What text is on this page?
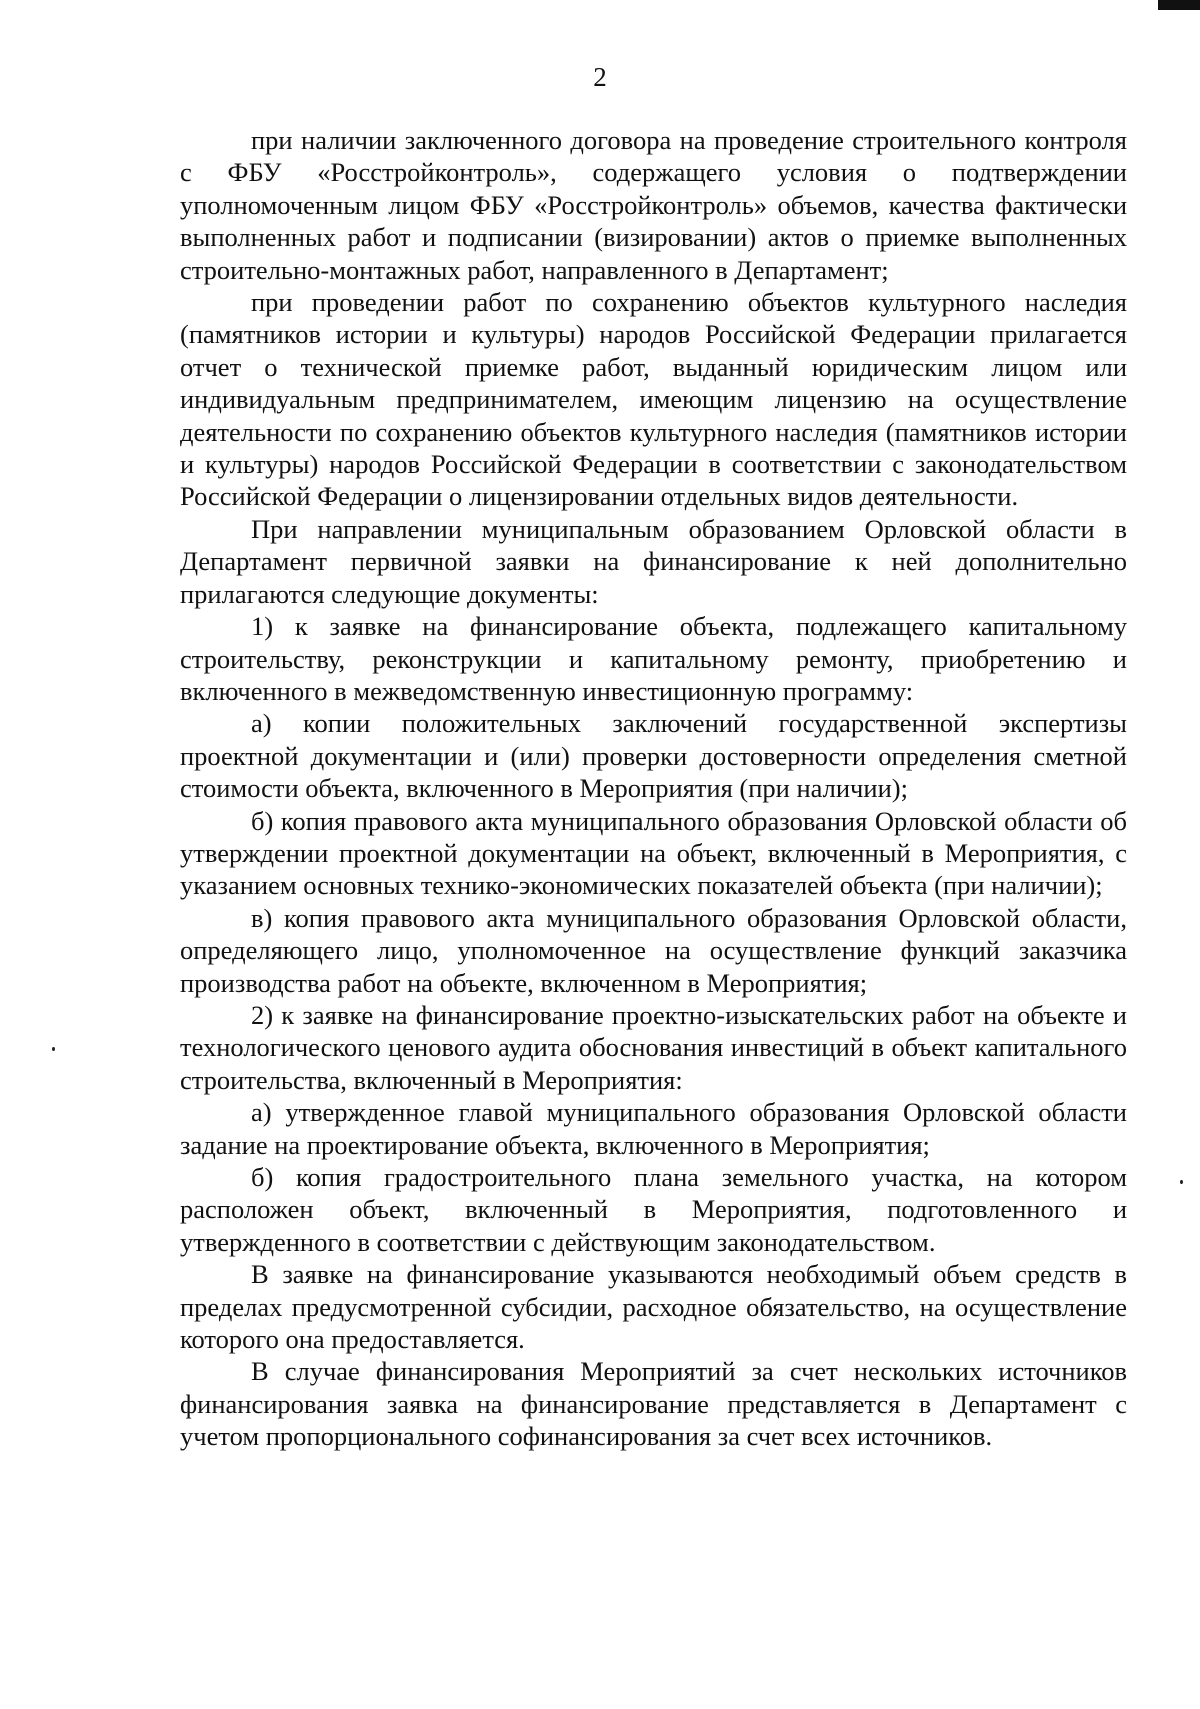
2

при наличии заключенного договора на проведение строительного контроля с ФБУ «Росстройконтроль», содержащего условия о подтверждении уполномоченным лицом ФБУ «Росстройконтроль» объемов, качества фактически выполненных работ и подписании (визировании) актов о приемке выполненных строительно-монтажных работ, направленного в Департамент;

при проведении работ по сохранению объектов культурного наследия (памятников истории и культуры) народов Российской Федерации прилагается отчет о технической приемке работ, выданный юридическим лицом или индивидуальным предпринимателем, имеющим лицензию на осуществление деятельности по сохранению объектов культурного наследия (памятников истории и культуры) народов Российской Федерации в соответствии с законодательством Российской Федерации о лицензировании отдельных видов деятельности.

При направлении муниципальным образованием Орловской области в Департамент первичной заявки на финансирование к ней дополнительно прилагаются следующие документы:

1) к заявке на финансирование объекта, подлежащего капитальному строительству, реконструкции и капитальному ремонту, приобретению и включенного в межведомственную инвестиционную программу:

а) копии положительных заключений государственной экспертизы проектной документации и (или) проверки достоверности определения сметной стоимости объекта, включенного в Мероприятия (при наличии);

б) копия правового акта муниципального образования Орловской области об утверждении проектной документации на объект, включенный в Мероприятия, с указанием основных технико-экономических показателей объекта (при наличии);

в) копия правового акта муниципального образования Орловской области, определяющего лицо, уполномоченное на осуществление функций заказчика производства работ на объекте, включенном в Мероприятия;

2) к заявке на финансирование проектно-изыскательских работ на объекте и технологического ценового аудита обоснования инвестиций в объект капитального строительства, включенный в Мероприятия:

а) утвержденное главой муниципального образования Орловской области задание на проектирование объекта, включенного в Мероприятия;

б) копия градостроительного плана земельного участка, на котором расположен объект, включенный в Мероприятия, подготовленного и утвержденного в соответствии с действующим законодательством.

В заявке на финансирование указываются необходимый объем средств в пределах предусмотренной субсидии, расходное обязательство, на осуществление которого она предоставляется.

В случае финансирования Мероприятий за счет нескольких источников финансирования заявка на финансирование представляется в Департамент с учетом пропорционального софинансирования за счет всех источников.
